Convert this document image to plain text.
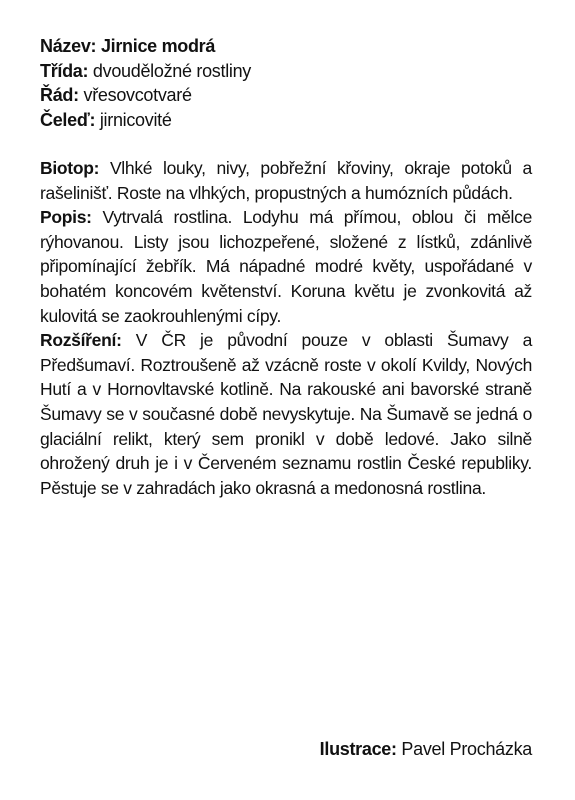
Název: Jirnice modrá
Třída: dvouděložné rostliny
Řád: vřesovcotvaré
Čeleď: jirnicovité

Biotop: Vlhké louky, nivy, pobřežní křoviny, okraje potoků a rašelinišť. Roste na vlhkých, propustných a humózních půdách.

Popis: Vytrvalá rostlina. Lodyhu má přímou, oblou či mělce rýhovanou. Listy jsou lichozpeřené, složené z lístků, zdánlivě připomínající žebřík. Má nápadné modré květy, uspořádané v bohatém koncovém květenství. Koruna květu je zvonkovitá až kulovitá se zaokrouhlenými cípy.

Rozšíření: V ČR je původní pouze v oblasti Šumavy a Předšumaví. Roztroušeně až vzácně roste v okolí Kvildy, Nových Hutí a v Hornovltavské kotlině. Na rakouské ani bavorské straně Šumavy se v současné době nevyskytuje. Na Šumavě se jedná o glaciální relikt, který sem pronikl v době ledové. Jako silně ohrožený druh je i v Červeném seznamu rostlin České republiky. Pěstuje se v zahradách jako okrasná a medonosná rostlina.

Ilustrace: Pavel Procházka
